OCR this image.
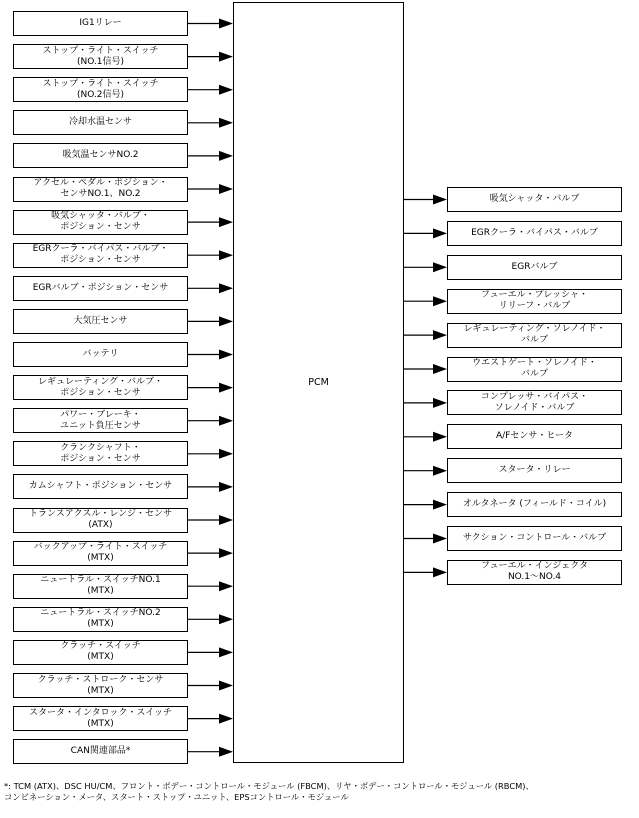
PCM
IG1リレー
ストップ・ライト・スイッチ
(NO.1信号)
ストップ・ライト・スイッチ
(NO.2信号)
冷却水温センサ
吸気温センサNO.2
アクセル・ペダル・ポジション・
センサNO.1、NO.2
吸気シャッタ・バルブ・
ポジション・センサ
EGRクーラ・バイパス・バルブ・
ポジション・センサ
EGRバルブ・ポジション・センサ
大気圧センサ
バッテリ
レギュレーティング・バルブ・
ポジション・センサ
パワー・ブレーキ・
ユニット負圧センサ
クランクシャフト・
ポジション・センサ
カムシャフト・ポジション・センサ
トランスアクスル・レンジ・センサ
(ATX)
バックアップ・ライト・スイッチ
(MTX)
ニュートラル・スイッチNO.1
(MTX)
ニュートラル・スイッチNO.2
(MTX)
クラッチ・スイッチ
(MTX)
クラッチ・ストローク・センサ
(MTX)
スタータ・インタロック・スイッチ
(MTX)
CAN関連部品*
吸気シャッタ・バルブ
EGRクーラ・バイパス・バルブ
EGRバルブ
フューエル・プレッシャ・
リリーフ・バルブ
レギュレーティング・ソレノイド・
バルブ
ウエストゲート・ソレノイド・
バルブ
コンプレッサ・バイパス・
ソレノイド・バルブ
A/Fセンサ・ヒータ
スタータ・リレー
オルタネータ (フィールド・コイル)
サクション・コントロール・バルブ
フューエル・インジェクタ
NO.1〜NO.4
*: TCM (ATX)、DSC HU/CM、フロント・ボデー・コントロール・モジュール (FBCM)、リヤ・ボデー・コントロール・モジュール (RBCM)、
コンビネーション・メータ、スタート・ストップ・ユニット、EPSコントロール・モジュール
